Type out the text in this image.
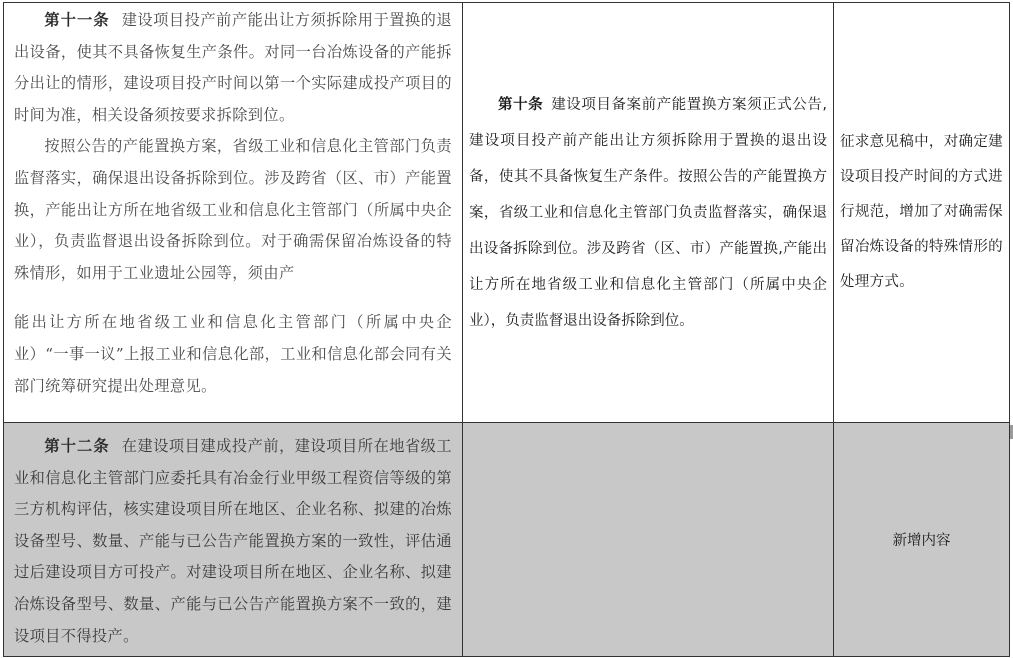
第十一条 建设项目投产前产能出让方须拆除用于置换的退出设备，使其不具备恢复生产条件。对同一台冶炼设备的产能拆分出让的情形，建设项目投产时间以第一个实际建成投产项目的时间为准，相关设备须按要求拆除到位。

按照公告的产能置换方案，省级工业和信息化主管部门负责监督落实，确保退出设备拆除到位。涉及跨省（区、市）产能置换，产能出让方所在地省级工业和信息化主管部门（所属中央企业），负责监督退出设备拆除到位。对于确需保留冶炼设备的特殊情形，如用于工业遗址公园等，须由产

能出让方所在地省级工业和信息化主管部门（所属中央企业）“一事一议”上报工业和信息化部，工业和信息化部会同有关部门统筹研究提出处理意见。	第十条 建设项目备案前产能置换方案须正式公告,建设项目投产前产能出让方须拆除用于置换的退出设备，使其不具备恢复生产条件。按照公告的产能置换方案，省级工业和信息化主管部门负责监督落实，确保退出设备拆除到位。涉及跨省（区、市）产能置换,产能出让方所在地省级工业和信息化主管部门（所属中央企业），负责监督退出设备拆除到位。	征求意见稿中，对确定建设项目投产时间的方式进行规范，增加了对确需保留冶炼设备的特殊情形的处理方式。

第十二条 在建设项目建成投产前，建设项目所在地省级工业和信息化主管部门应委托具有冶金行业甲级工程资信等级的第三方机构评估，核实建设项目所在地区、企业名称、拟建的冶炼设备型号、数量、产能与已公告产能置换方案的一致性，评估通过后建设项目方可投产。对建设项目所在地区、企业名称、拟建冶炼设备型号、数量、产能与已公告产能置换方案不一致的，建设项目不得投产。		新增内容
